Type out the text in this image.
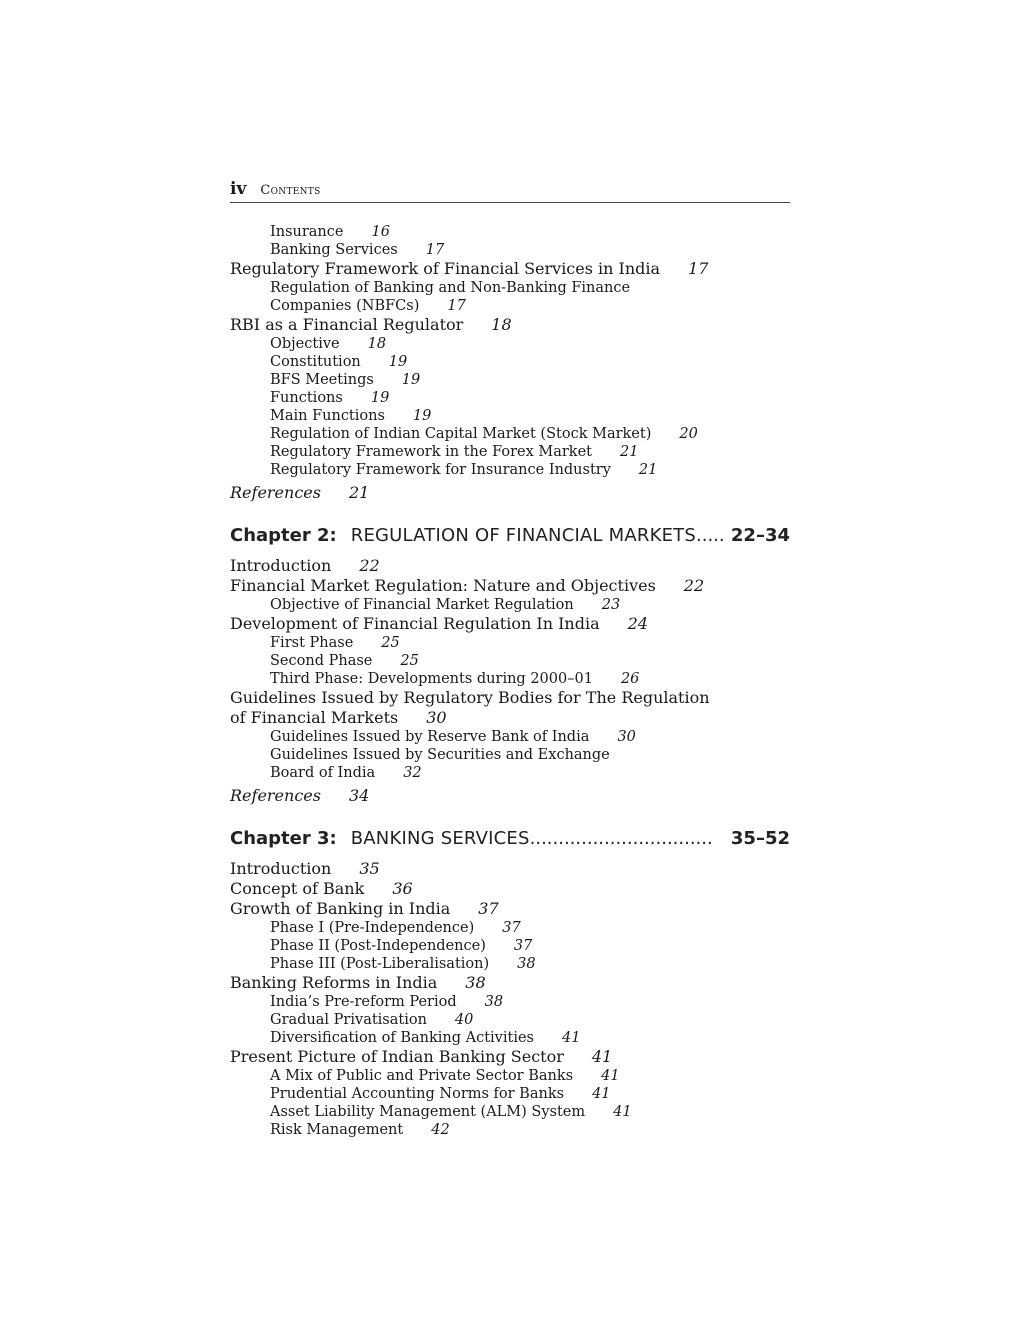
iv Contents
Insurance 16
Banking Services 17
Regulatory Framework of Financial Services in India 17
Regulation of Banking and Non-Banking Finance
Companies (NBFCs) 17
RBI as a Financial Regulator 18
Objective 18
Constitution 19
BFS Meetings 19
Functions 19
Main Functions 19
Regulation of Indian Capital Market (Stock Market) 20
Regulatory Framework in the Forex Market 21
Regulatory Framework for Insurance Industry 21
References 21
Chapter 2: REGULATION OF FINANCIAL MARKETS ..... 22–34
Introduction 22
Financial Market Regulation: Nature and Objectives 22
Objective of Financial Market Regulation 23
Development of Financial Regulation In India 24
First Phase 25
Second Phase 25
Third Phase: Developments during 2000–01 26
Guidelines Issued by Regulatory Bodies for The Regulation
of Financial Markets 30
Guidelines Issued by Reserve Bank of India 30
Guidelines Issued by Securities and Exchange
Board of India 32
References 34
Chapter 3: BANKING SERVICES ................................	35–52
Introduction 35
Concept of Bank 36
Growth of Banking in India 37
Phase I (Pre-Independence) 37
Phase II (Post-Independence) 37
Phase III (Post-Liberalisation) 38
Banking Reforms in India 38
India’s Pre-reform Period 38
Gradual Privatisation 40
Diversification of Banking Activities 41
Present Picture of Indian Banking Sector 41
A Mix of Public and Private Sector Banks 41
Prudential Accounting Norms for Banks 41
Asset Liability Management (ALM) System 41
Risk Management 42
